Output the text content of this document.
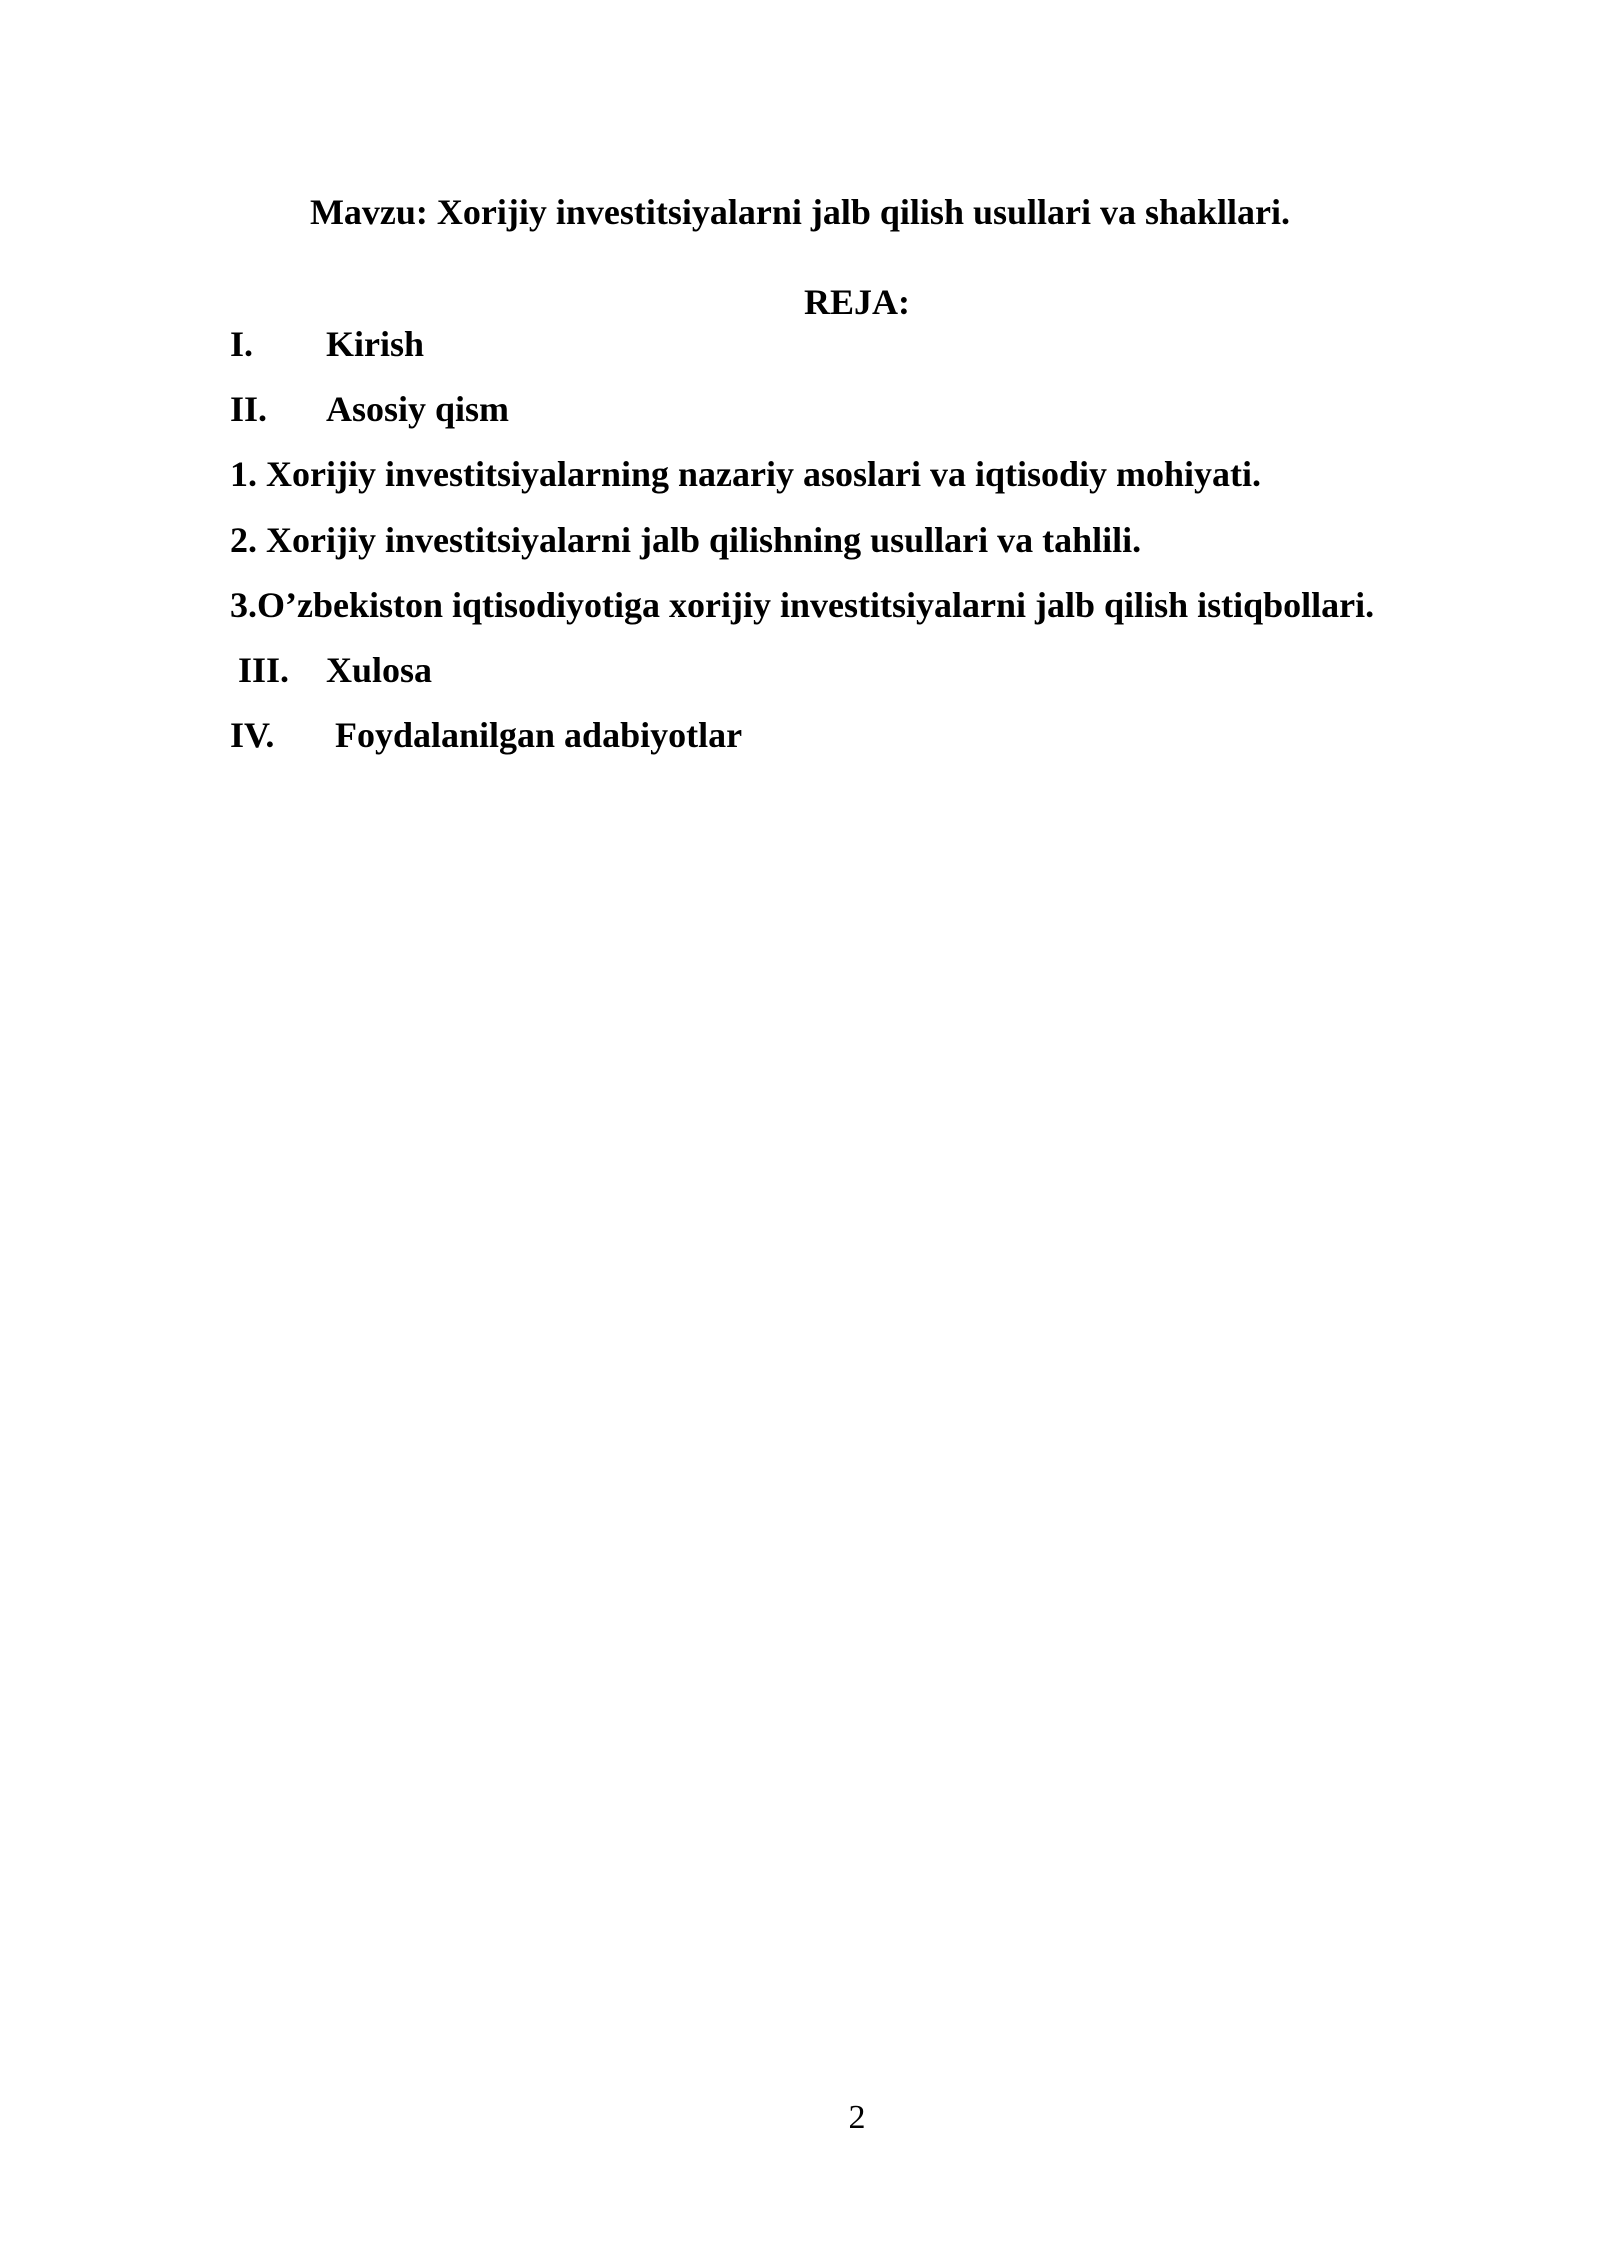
Mavzu: Xorijiy investitsiyalarni jalb qilish usullari va shakllari.
REJA:
I. Kirish
II. Asosiy qism
1. Xorijiy investitsiyalarning nazariy asoslari va iqtisodiy mohiyati.
2. Xorijiy investitsiyalarni jalb qilishning usullari va tahlili.
3.O’zbekiston iqtisodiyotiga xorijiy investitsiyalarni jalb qilish istiqbollari.
III. Xulosa
IV. Foydalanilgan adabiyotlar
2
